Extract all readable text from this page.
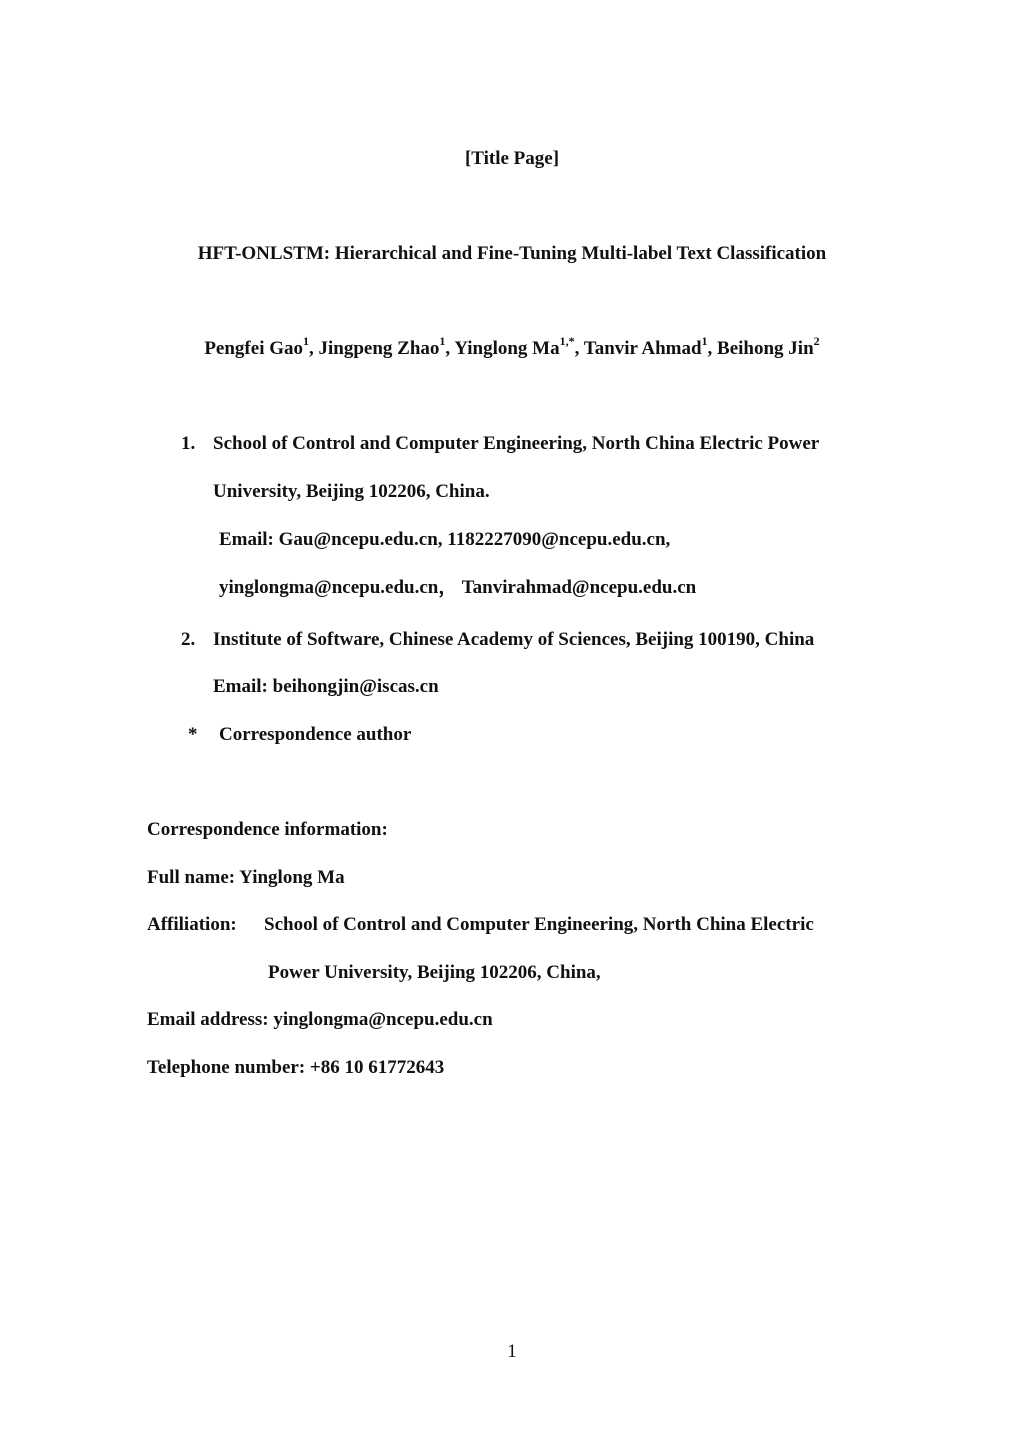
[Title Page]
HFT-ONLSTM: Hierarchical and Fine-Tuning Multi-label Text Classification
Pengfei Gao$^1$, Jingpeng Zhao$^1$, Yinglong $Ma^{1,*}$, Tanvir Ahmad$^1$, Beihong Jin$^2$
1. School of Control and Computer Engineering, North China Electric Power
University, Beijing 102206, China.
Email: Gau@ncepu.edu.cn, 1182227090@ncepu.edu.cn,
yinglongma@ncepu.edu.cn， Tanvirahmad@ncepu.edu.cn
2. Institute of Software, Chinese Academy of Sciences, Beijing 100190, China
Email: beihongjin@iscas.cn
* Correspondence author
Correspondence information:
Full name: Yinglong Ma
Affiliation: School of Control and Computer Engineering, North China Electric
Power University, Beijing 102206, China,
Email address: yinglongma@ncepu.edu.cn
Telephone number: +86 10 61772643
1
